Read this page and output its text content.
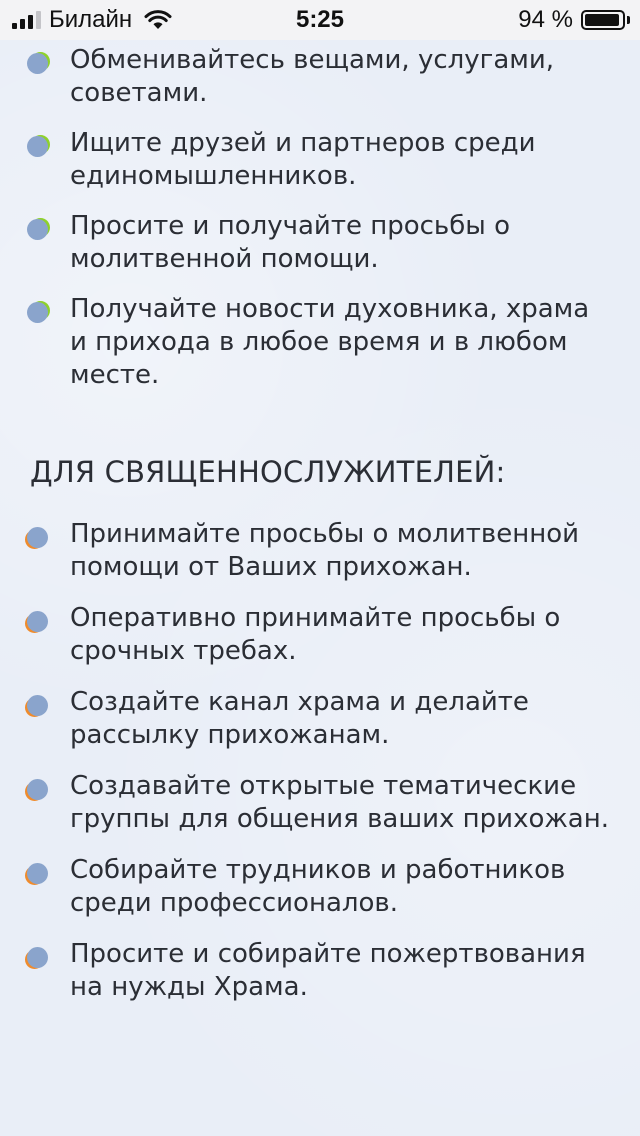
Билайн	5:25	94 %
Обменивайтесь вещами, услугами, советами.
Ищите друзей и партнеров среди единомышленников.
Просите и получайте просьбы о молитвенной помощи.
Получайте новости духовника, храма и прихода в любое время и в любом месте.
ДЛЯ СВЯЩЕННОСЛУЖИТЕЛЕЙ:
Принимайте просьбы о молитвенной помощи от Ваших прихожан.
Оперативно принимайте просьбы о срочных требах.
Создайте канал храма и делайте рассылку прихожанам.
Создавайте открытые тематические группы для общения ваших прихожан.
Собирайте трудников и работников среди профессионалов.
Просите и собирайте пожертвования на нужды Храма.
